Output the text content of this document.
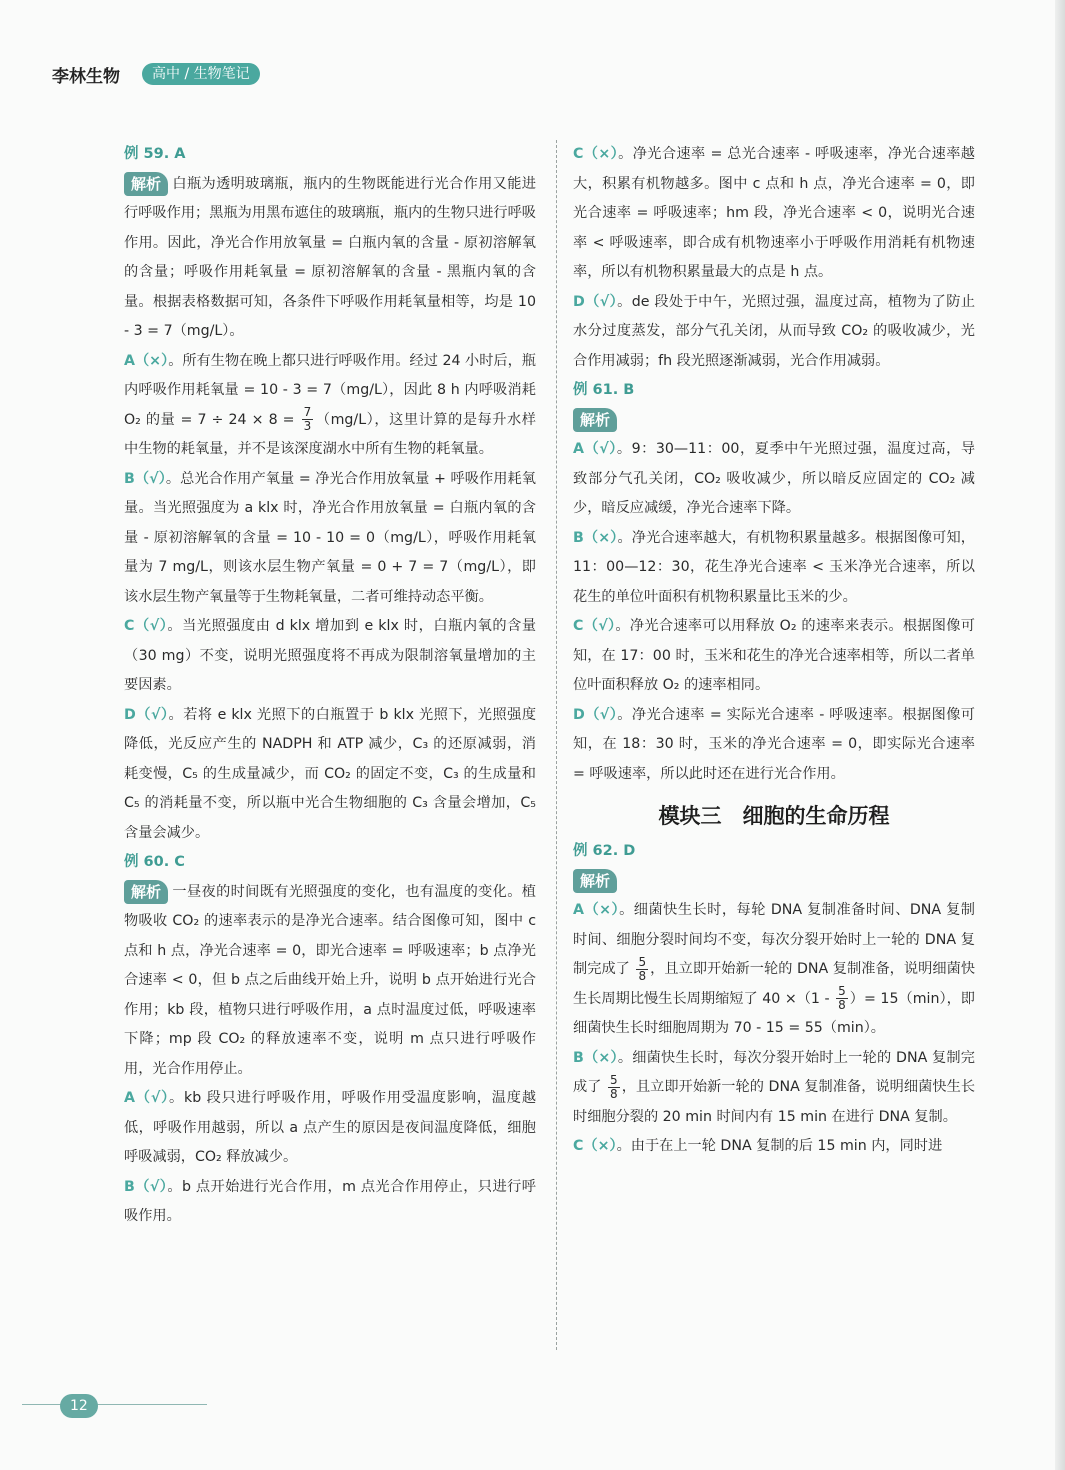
李林生物	高中 / 生物笔记

例 59. A

解析 白瓶为透明玻璃瓶，瓶内的生物既能进行光合作用又能进行呼吸作用；黑瓶为用黑布遮住的玻璃瓶，瓶内的生物只进行呼吸作用。因此，净光合作用放氧量 = 白瓶内氧的含量 - 原初溶解氧的含量；呼吸作用耗氧量 = 原初溶解氧的含量 - 黑瓶内氧的含量。根据表格数据可知，各条件下呼吸作用耗氧量相等，均是 10 - 3 = 7（mg/L）。

A（×）。所有生物在晚上都只进行呼吸作用。经过 24 小时后，瓶内呼吸作用耗氧量 = 10 - 3 = 7（mg/L），因此 8 h 内呼吸消耗 O₂ 的量 = $7 \div 24 \times 8 = \frac{7}{3} (mg/L)$，这里计算的是每升水样中生物的耗氧量，并不是该深度湖水中所有生物的耗氧量。

B（√）。总光合作用产氧量 = 净光合作用放氧量 + 呼吸作用耗氧量。当光照强度为 a klx 时，净光合作用放氧量 = 白瓶内氧的含量 - 原初溶解氧的含量 = 10 - 10 = 0（mg/L），呼吸作用耗氧量为 7 mg/L，则该水层生物产氧量 = 0 + 7 = 7（mg/L），即该水层生物产氧量等于生物耗氧量，二者可维持动态平衡。

C（√）。当光照强度由 d klx 增加到 e klx 时，白瓶内氧的含量（30 mg）不变，说明光照强度将不再成为限制溶氧量增加的主要因素。

D（√）。若将 e klx 光照下的白瓶置于 b klx 光照下，光照强度降低，光反应产生的 NADPH 和 ATP 减少，C₃ 的还原减弱，消耗变慢，C₅ 的生成量减少，而 CO₂ 的固定不变，C₃ 的生成量和 C₅ 的消耗量不变，所以瓶中光合生物细胞的 C₃ 含量会增加，C₅ 含量会减少。

例 60. C

解析 一昼夜的时间既有光照强度的变化，也有温度的变化。植物吸收 CO₂ 的速率表示的是净光合速率。结合图像可知，图中 c 点和 h 点，净光合速率 = 0，即光合速率 = 呼吸速率；b 点净光合速率 < 0，但 b 点之后曲线开始上升，说明 b 点开始进行光合作用；kb 段，植物只进行呼吸作用，a 点时温度过低，呼吸速率下降；mp 段 CO₂ 的释放速率不变，说明 m 点只进行呼吸作用，光合作用停止。

A（√）。kb 段只进行呼吸作用，呼吸作用受温度影响，温度越低，呼吸作用越弱，所以 a 点产生的原因是夜间温度降低，细胞呼吸减弱，CO₂ 释放减少。

B（√）。b 点开始进行光合作用，m 点光合作用停止，只进行呼吸作用。

C（×）。净光合速率 = 总光合速率 - 呼吸速率，净光合速率越大，积累有机物越多。图中 c 点和 h 点，净光合速率 = 0，即光合速率 = 呼吸速率；hm 段，净光合速率 < 0，说明光合速率 < 呼吸速率，即合成有机物速率小于呼吸作用消耗有机物速率，所以有机物积累量最大的点是 h 点。

D（√）。de 段处于中午，光照过强，温度过高，植物为了防止水分过度蒸发，部分气孔关闭，从而导致 CO₂ 的吸收减少，光合作用减弱；fh 段光照逐渐减弱，光合作用减弱。

例 61. B

解析

A（√）。9：30—11：00，夏季中午光照过强，温度过高，导致部分气孔关闭，CO₂ 吸收减少，所以暗反应固定的 CO₂ 减少，暗反应减缓，净光合速率下降。

B（×）。净光合速率越大，有机物积累量越多。根据图像可知，11：00—12：30，花生净光合速率 < 玉米净光合速率，所以花生的单位叶面积有机物积累量比玉米的少。

C（√）。净光合速率可以用释放 O₂ 的速率来表示。根据图像可知，在 17：00 时，玉米和花生的净光合速率相等，所以二者单位叶面积释放 O₂ 的速率相同。

D（√）。净光合速率 = 实际光合速率 - 呼吸速率。根据图像可知，在 18：30 时，玉米的净光合速率 = 0，即实际光合速率 = 呼吸速率，所以此时还在进行光合作用。

模块三　细胞的生命历程

例 62. D

解析

A（×）。细菌快生长时，每轮 DNA 复制准备时间、DNA 复制时间、细胞分裂时间均不变，每次分裂开始时上一轮的 DNA 复制完成了 $\frac{5}{8}$ ，且立即开始新一轮的 DNA 复制准备，说明细菌快生长周期比慢生长周期缩短了 $40 \times(1 - \frac{5}{8}$ ）= 15（min），即细菌快生长时细胞周期为 70 - 15 = 55（min）。

B（×）。细菌快生长时，每次分裂开始时上一轮的 DNA 复制完成了 $\frac{5}{8}$ ，且立即开始新一轮的 DNA 复制准备，说明细菌快生长时细胞分裂的 20 min 时间内有 15 min 在进行 DNA 复制。

C（×）。由于在上一轮 DNA 复制的后 15 min 内，同时进

12
